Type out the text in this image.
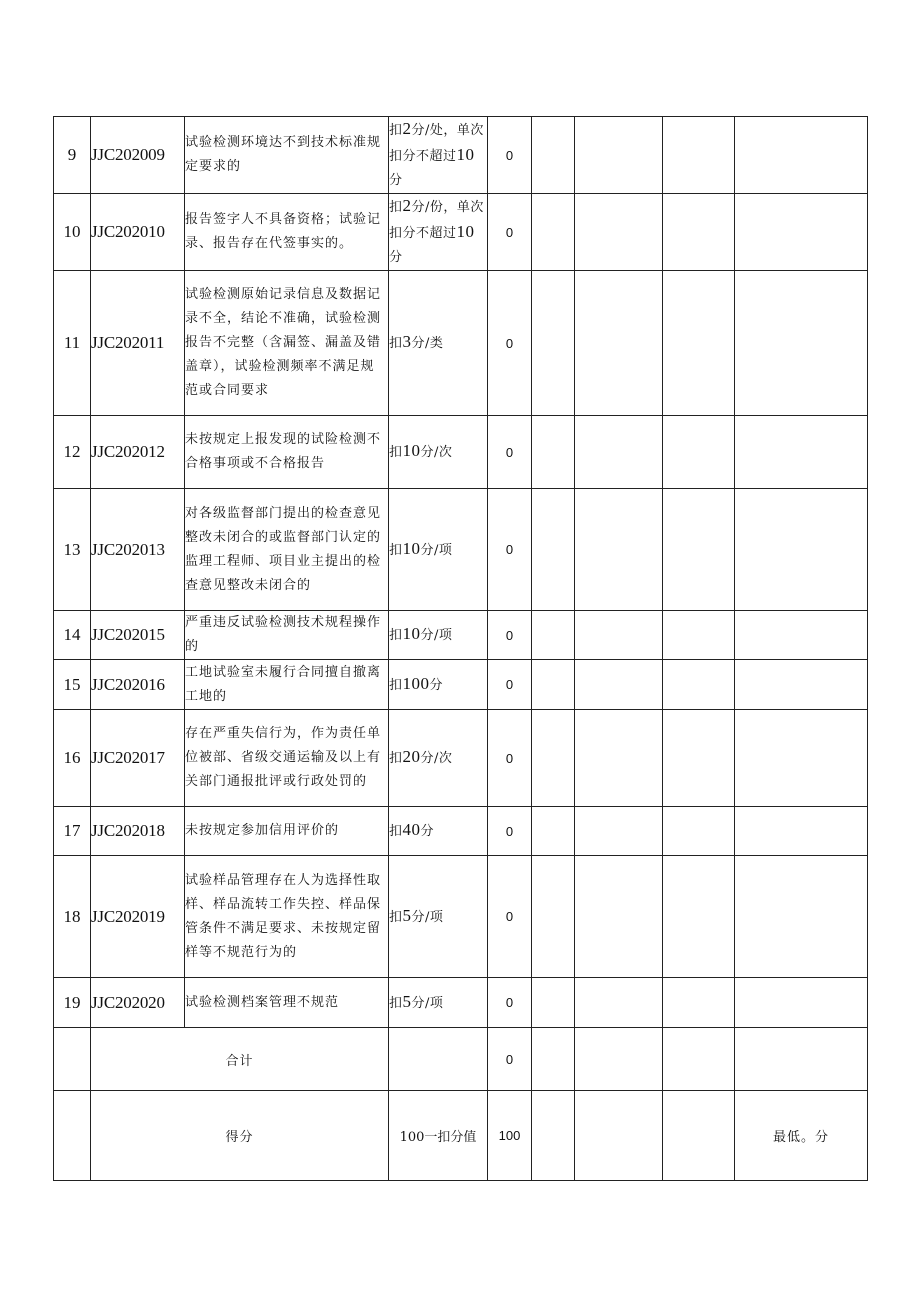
9	JJC202009	试验检测环境达不到技术标准规定要求的	扣2分/处，单次扣分不超过10分	0				
10	JJC202010	报告签字人不具备资格；试验记录、报告存在代签事实的。	扣2分/份，单次扣分不超过10分	0				
11	JJC202011	试验检测原始记录信息及数据记录不全，结论不准确，试验检测报告不完整（含漏签、漏盖及错盖章），试验检测频率不满足规范或合同要求	扣3分/类	0				
12	JJC202012	未按规定上报发现的试险检测不合格事项或不合格报告	扣10分/次	0				
13	JJC202013	对各级监督部门提出的检查意见整改未闭合的或监督部门认定的监理工程师、项目业主提出的检查意见整改未闭合的	扣10分/项	0				
14	JJC202015	严重违反试验检测技术规程操作的	扣10分/项	0				
15	JJC202016	工地试验室未履行合同擅自撤离工地的	扣100分	0				
16	JJC202017	存在严重失信行为，作为责任单位被部、省级交通运输及以上有关部门通报批评或行政处罚的	扣20分/次	0				
17	JJC202018	未按规定参加信用评价的	扣40分	0				
18	JJC202019	试验样品管理存在人为选择性取样、样品流转工作失控、样品保管条件不满足要求、未按规定留样等不规范行为的	扣5分/项	0				
19	JJC202020	试验检测档案管理不规范	扣5分/项	0				
	合计			0				
	得分		100一扣分值	100				最低。分
